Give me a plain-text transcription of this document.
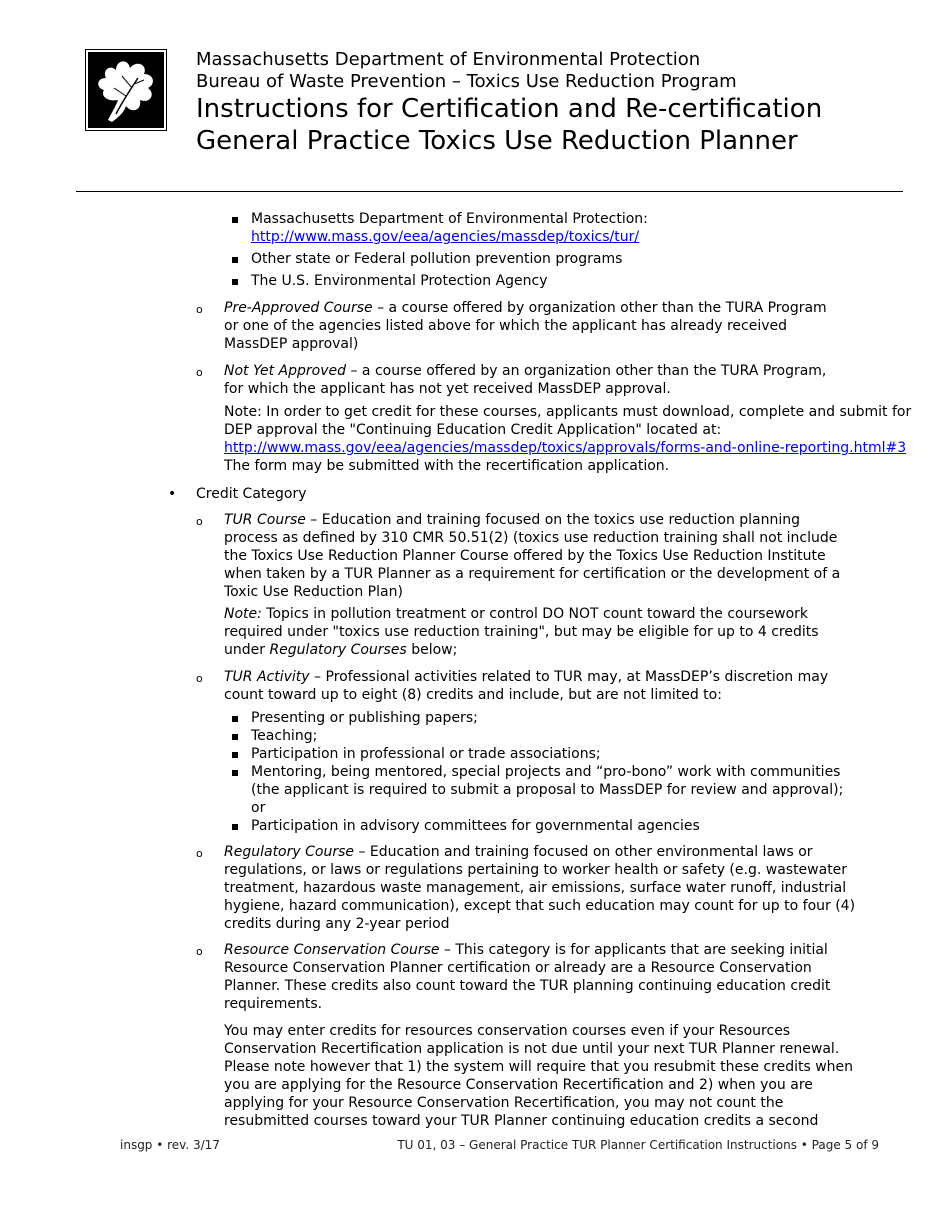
Massachusetts Department of Environmental Protection
Bureau of Waste Prevention – Toxics Use Reduction Program
Instructions for Certification and Re-certification
General Practice Toxics Use Reduction Planner
Massachusetts Department of Environmental Protection:
http://www.mass.gov/eea/agencies/massdep/toxics/tur/
Other state or Federal pollution prevention programs
The U.S. Environmental Protection Agency
o Pre-Approved Course – a course offered by organization other than the TURA Program
or one of the agencies listed above for which the applicant has already received
MassDEP approval)
o Not Yet Approved – a course offered by an organization other than the TURA Program,
for which the applicant has not yet received MassDEP approval.
Note: In order to get credit for these courses, applicants must download, complete and submit for
DEP approval the "Continuing Education Credit Application" located at:
http://www.mass.gov/eea/agencies/massdep/toxics/approvals/forms-and-online-reporting.html#3
The form may be submitted with the recertification application.
• Credit Category
o TUR Course – Education and training focused on the toxics use reduction planning
process as defined by 310 CMR 50.51(2) (toxics use reduction training shall not include
the Toxics Use Reduction Planner Course offered by the Toxics Use Reduction Institute
when taken by a TUR Planner as a requirement for certification or the development of a
Toxic Use Reduction Plan)
Note: Topics in pollution treatment or control DO NOT count toward the coursework
required under "toxics use reduction training", but may be eligible for up to 4 credits
under Regulatory Courses below;
o TUR Activity – Professional activities related to TUR may, at MassDEP’s discretion may
count toward up to eight (8) credits and include, but are not limited to:
Presenting or publishing papers;
Teaching;
Participation in professional or trade associations;
Mentoring, being mentored, special projects and “pro-bono” work with communities
(the applicant is required to submit a proposal to MassDEP for review and approval);
or
Participation in advisory committees for governmental agencies
o Regulatory Course – Education and training focused on other environmental laws or
regulations, or laws or regulations pertaining to worker health or safety (e.g. wastewater
treatment, hazardous waste management, air emissions, surface water runoff, industrial
hygiene, hazard communication), except that such education may count for up to four (4)
credits during any 2-year period
o Resource Conservation Course – This category is for applicants that are seeking initial
Resource Conservation Planner certification or already are a Resource Conservation
Planner. These credits also count toward the TUR planning continuing education credit
requirements.
You may enter credits for resources conservation courses even if your Resources
Conservation Recertification application is not due until your next TUR Planner renewal.
Please note however that 1) the system will require that you resubmit these credits when
you are applying for the Resource Conservation Recertification and 2) when you are
applying for your Resource Conservation Recertification, you may not count the
resubmitted courses toward your TUR Planner continuing education credits a second
insgp • rev. 3/17	TU 01, 03 – General Practice TUR Planner Certification Instructions • Page 5 of 9
